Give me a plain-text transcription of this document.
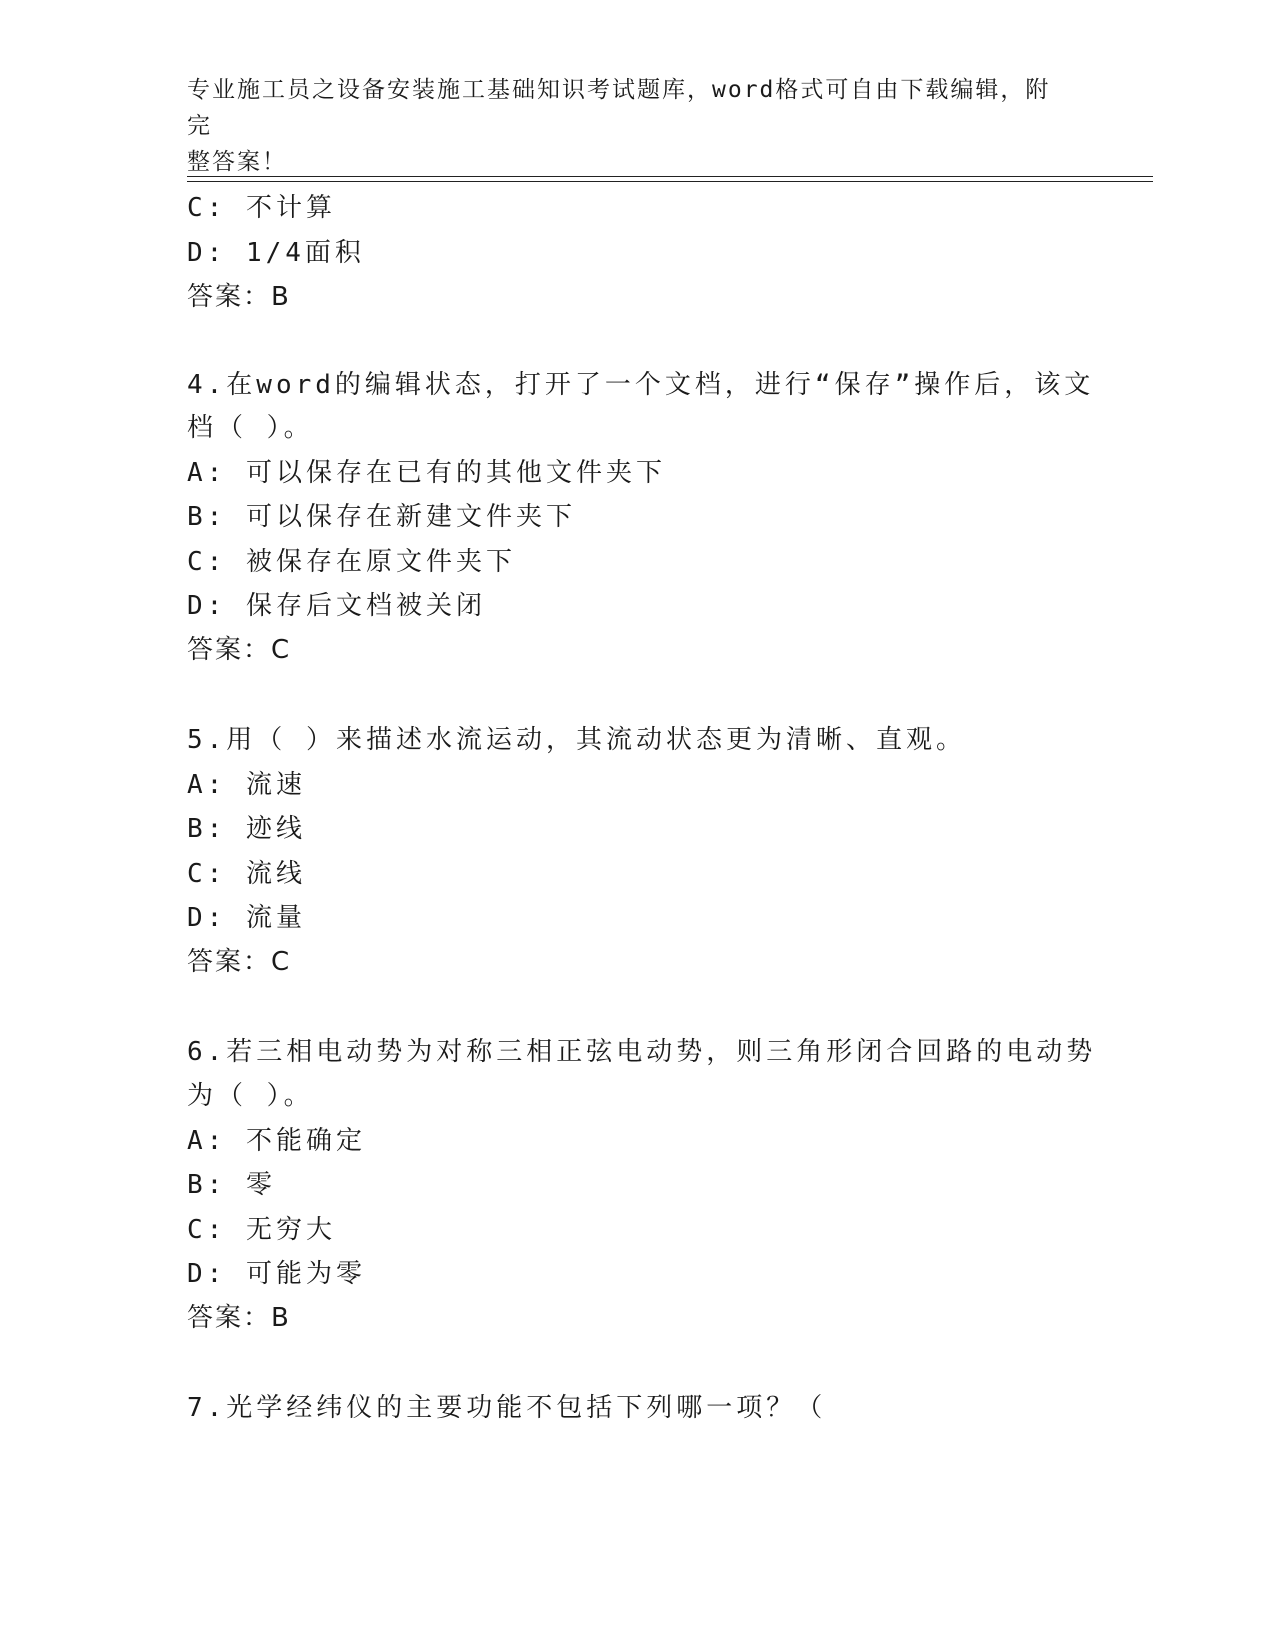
专业施工员之设备安装施工基础知识考试题库，word格式可自由下载编辑，附完
整答案！
C: 不计算
D: 1/4面积
答案：B
4.在word的编辑状态，打开了一个文档，进行“保存”操作后，该文
档（ ）。
A: 可以保存在已有的其他文件夹下
B: 可以保存在新建文件夹下
C: 被保存在原文件夹下
D: 保存后文档被关闭
答案：C
5.用（ ）来描述水流运动，其流动状态更为清晰、直观。
A: 流速
B: 迹线
C: 流线
D: 流量
答案：C
6.若三相电动势为对称三相正弦电动势，则三角形闭合回路的电动势
为（ ）。
A: 不能确定
B: 零
C: 无穷大
D: 可能为零
答案：B
7.光学经纬仪的主要功能不包括下列哪一项？（
